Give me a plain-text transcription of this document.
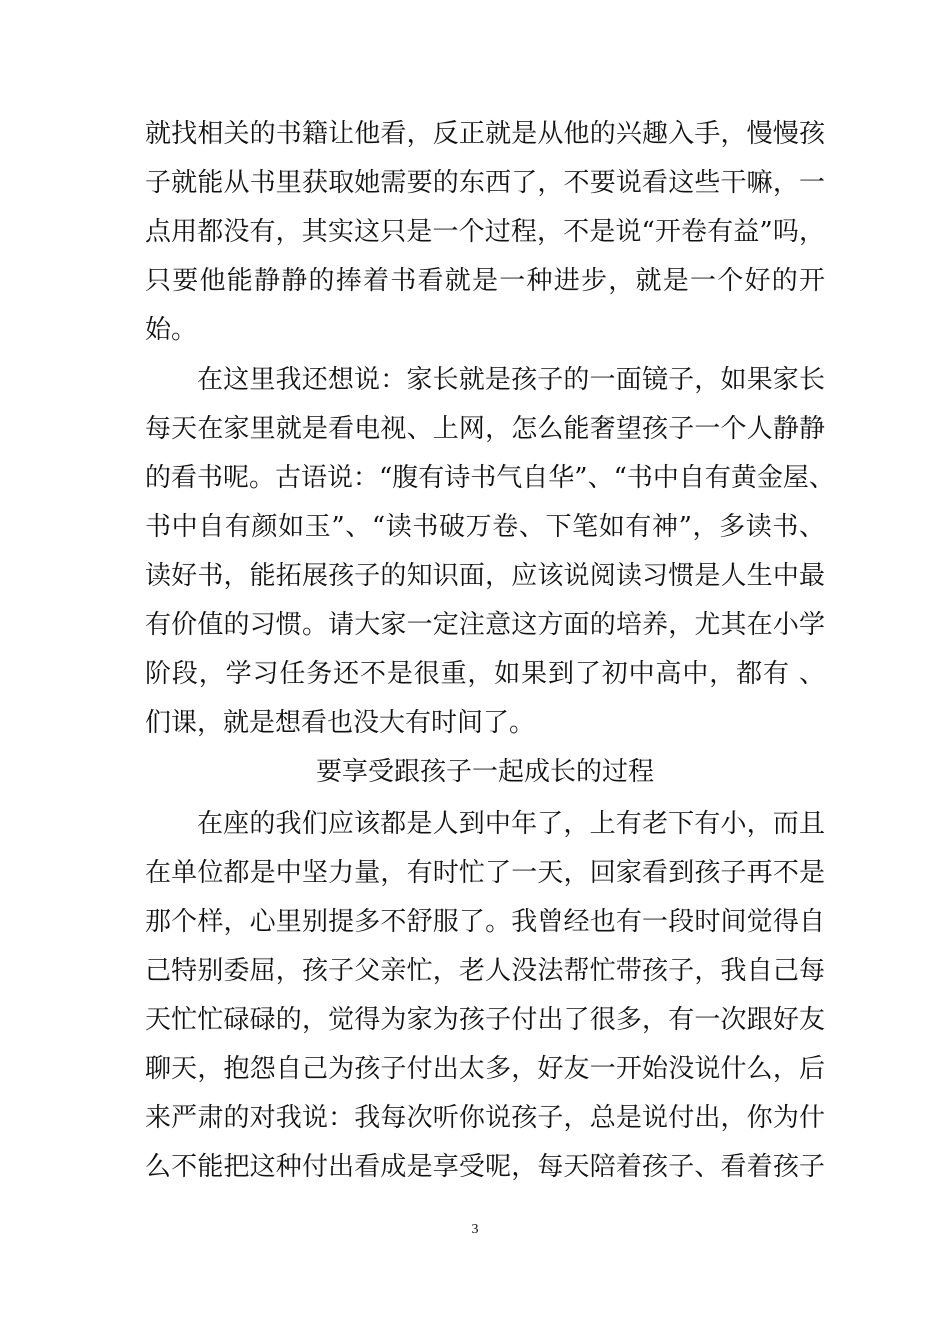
就找相关的书籍让他看，反正就是从他的兴趣入手，慢慢孩
子就能从书里获取她需要的东西了，不要说看这些干嘛，一
点用都没有，其实这只是一个过程，不是说“开卷有益”吗，
只要他能静静的捧着书看就是一种进步，就是一个好的开
始。
在这里我还想说：家长就是孩子的一面镜子，如果家长
每天在家里就是看电视、上网，怎么能奢望孩子一个人静静
的看书呢。古语说：“腹有诗书气自华”、“书中自有黄金屋、
书中自有颜如玉”、“读书破万卷、下笔如有神”，多读书、
读好书，能拓展孩子的知识面，应该说阅读习惯是人生中最
有价值的习惯。请大家一定注意这方面的培养，尤其在小学
阶段，学习任务还不是很重，如果到了初中高中，都有 、
们课，就是想看也没大有时间了。
要享受跟孩子一起成长的过程
在座的我们应该都是人到中年了，上有老下有小，而且
在单位都是中坚力量，有时忙了一天，回家看到孩子再不是
那个样，心里别提多不舒服了。我曾经也有一段时间觉得自
己特别委屈，孩子父亲忙，老人没法帮忙带孩子，我自己每
天忙忙碌碌的，觉得为家为孩子付出了很多，有一次跟好友
聊天，抱怨自己为孩子付出太多，好友一开始没说什么，后
来严肃的对我说：我每次听你说孩子，总是说付出，你为什
么不能把这种付出看成是享受呢，每天陪着孩子、看着孩子
3
